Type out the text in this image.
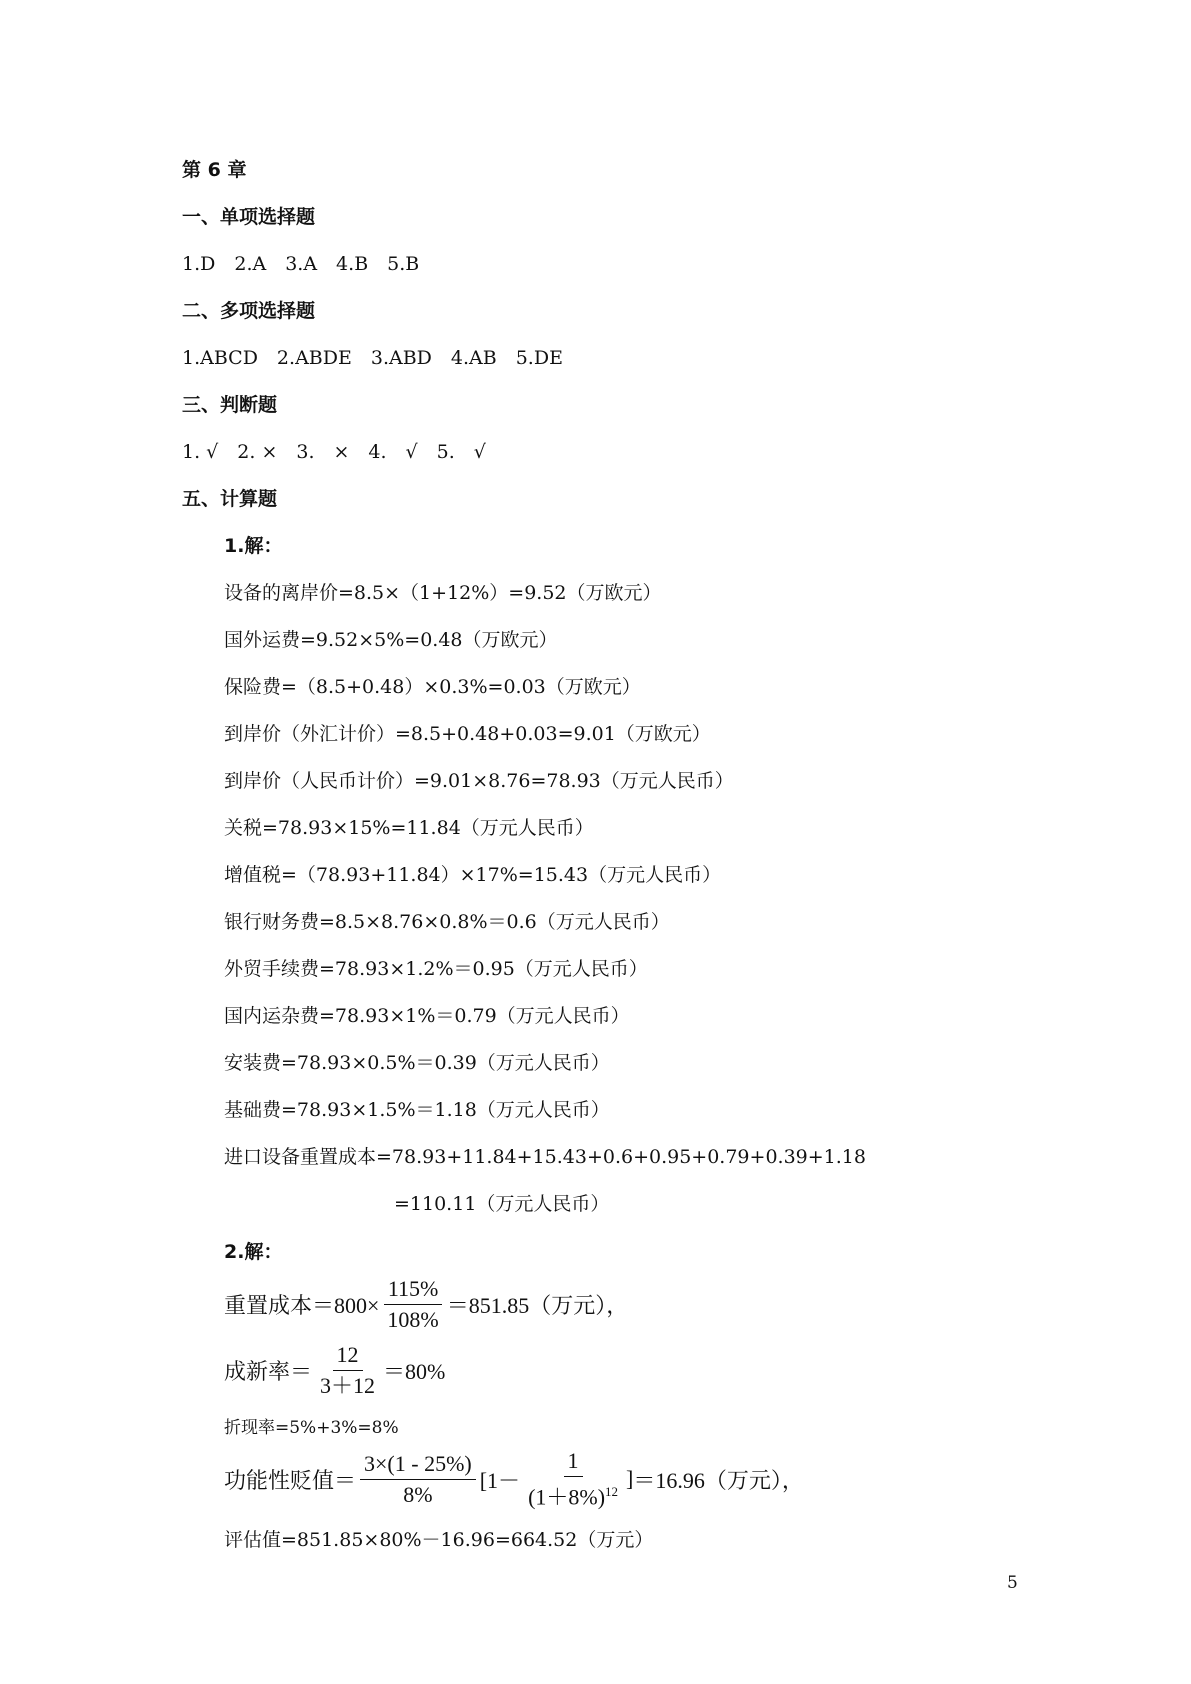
第 6 章
一、单项选择题
1.D　2.A　3.A　4.B　5.B
二、多项选择题
1.ABCD　2.ABDE　3.ABD　4.AB　5.DE
三、判断题
1. √　2. ×　3.　×　4.　√　5.　√
五、计算题
1.解：
设备的离岸价=8.5×（1+12%）=9.52（万欧元）
国外运费=9.52×5%=0.48（万欧元）
保险费=（8.5+0.48）×0.3%=0.03（万欧元）
到岸价（外汇计价）=8.5+0.48+0.03=9.01（万欧元）
到岸价（人民币计价）=9.01×8.76=78.93（万元人民币）
关税=78.93×15%=11.84（万元人民币）
增值税=（78.93+11.84）×17%=15.43（万元人民币）
银行财务费=8.5×8.76×0.8%＝0.6（万元人民币）
外贸手续费=78.93×1.2%＝0.95（万元人民币）
国内运杂费=78.93×1%＝0.79（万元人民币）
安装费=78.93×0.5%＝0.39（万元人民币）
基础费=78.93×1.5%＝1.18（万元人民币）
进口设备重置成本=78.93+11.84+15.43+0.6+0.95+0.79+0.39+1.18
=110.11（万元人民币）
2.解：
重置成本$=800\times \frac{115\%}{108\%} =851.85$（万元），
成新率＝ $\frac{12}{3+12} =80\%$
折现率=5%+3%=8%
功能性贬值＝ $\frac{3\times(1 - 25\%)}{8\%} [1- \frac{1}{(1+8\%)^{12}}$ ] ＝16.96（万元），
评估值=851.85×80%－16.96=664.52（万元）
5
